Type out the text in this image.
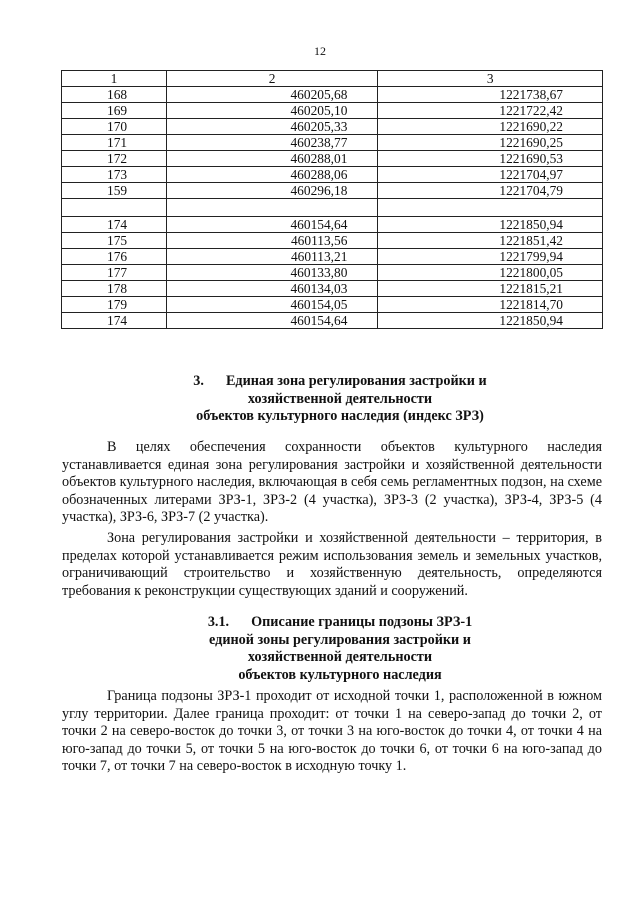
12
1	2	3
168	460205,68	1221738,67
169	460205,10	1221722,42
170	460205,33	1221690,22
171	460238,77	1221690,25
172	460288,01	1221690,53
173	460288,06	1221704,97
159	460296,18	1221704,79

174	460154,64	1221850,94
175	460113,56	1221851,42
176	460113,21	1221799,94
177	460133,80	1221800,05
178	460134,03	1221815,21
179	460154,05	1221814,70
174	460154,64	1221850,94
3. Единая зона регулирования застройки и
хозяйственной деятельности
объектов культурного наследия (индекс ЗРЗ)

В целях обеспечения сохранности объектов культурного наследия устанавливается единая зона регулирования застройки и хозяйственной деятельности объектов культурного наследия, включающая в себя семь регламентных подзон, на схеме обозначенных литерами ЗРЗ-1, ЗРЗ-2 (4 участка), ЗРЗ-3 (2 участка), ЗРЗ-4, ЗРЗ-5 (4 участка), ЗРЗ-6, ЗРЗ-7 (2 участка).

Зона регулирования застройки и хозяйственной деятельности – территория, в пределах которой устанавливается режим использования земель и земельных участков, ограничивающий строительство и хозяйственную деятельность, определяются требования к реконструкции существующих зданий и сооружений.

3.1. Описание границы подзоны ЗРЗ-1
единой зоны регулирования застройки и
хозяйственной деятельности
объектов культурного наследия

Граница подзоны ЗРЗ-1 проходит от исходной точки 1, расположенной в южном углу территории. Далее граница проходит: от точки 1 на северо-запад до точки 2, от точки 2 на северо-восток до точки 3, от точки 3 на юго-восток до точки 4, от точки 4 на юго-запад до точки 5, от точки 5 на юго-восток до точки 6, от точки 6 на юго-запад до точки 7, от точки 7 на северо-восток в исходную точку 1.
